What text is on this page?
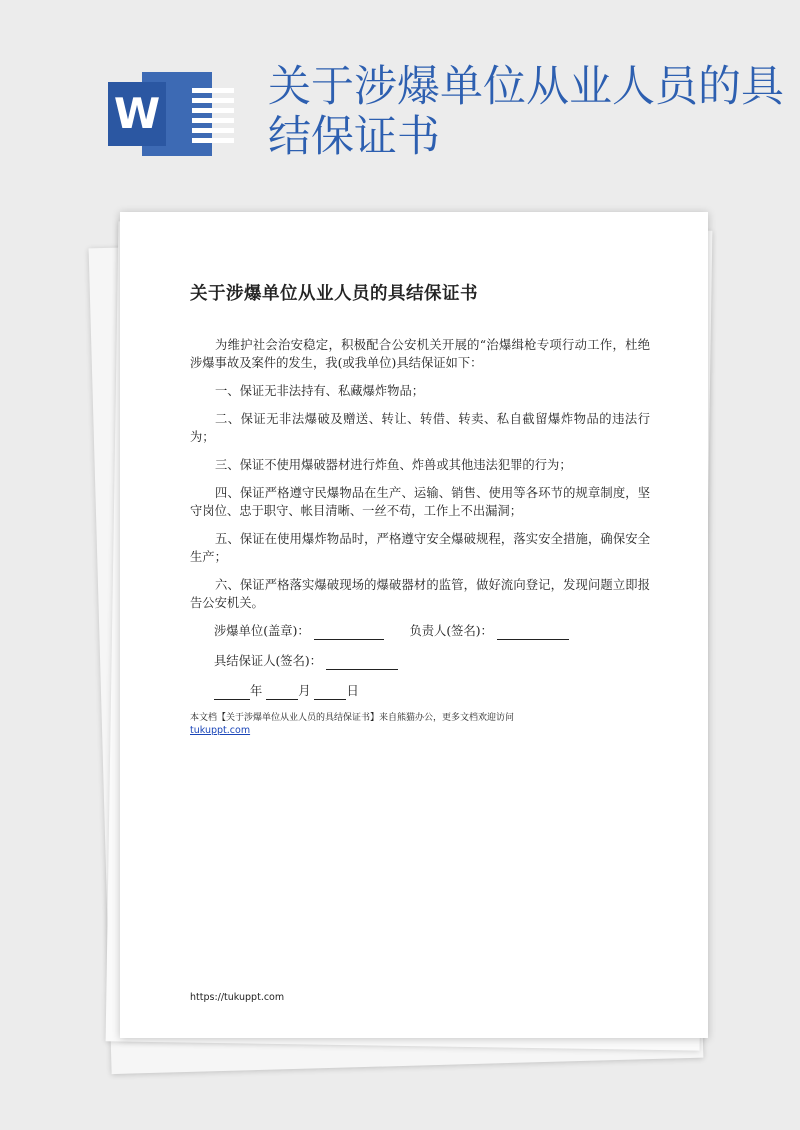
W
关于涉爆单位从业人员的具结保证书
关于涉爆单位从业人员的具结保证书

为维护社会治安稳定，积极配合公安机关开展的“治爆缉枪专项行动工作，杜绝涉爆事故及案件的发生，我(或我单位)具结保证如下：

一、保证无非法持有、私藏爆炸物品；

二、保证无非法爆破及赠送、转让、转借、转卖、私自截留爆炸物品的违法行为；

三、保证不使用爆破器材进行炸鱼、炸兽或其他违法犯罪的行为；

四、保证严格遵守民爆物品在生产、运输、销售、使用等各环节的规章制度，坚守岗位、忠于职守、帐目清晰、一丝不苟，工作上不出漏洞；

五、保证在使用爆炸物品时，严格遵守安全爆破规程，落实安全措施，确保安全生产；

六、保证严格落实爆破现场的爆破器材的监管，做好流向登记，发现问题立即报告公安机关。

涉爆单位(盖章)：	负责人(签名)：
具结保证人(签名)：
年	月	日
本文档【关于涉爆单位从业人员的具结保证书】来自熊猫办公，更多文档欢迎访问
tukuppt.com
https://tukuppt.com
